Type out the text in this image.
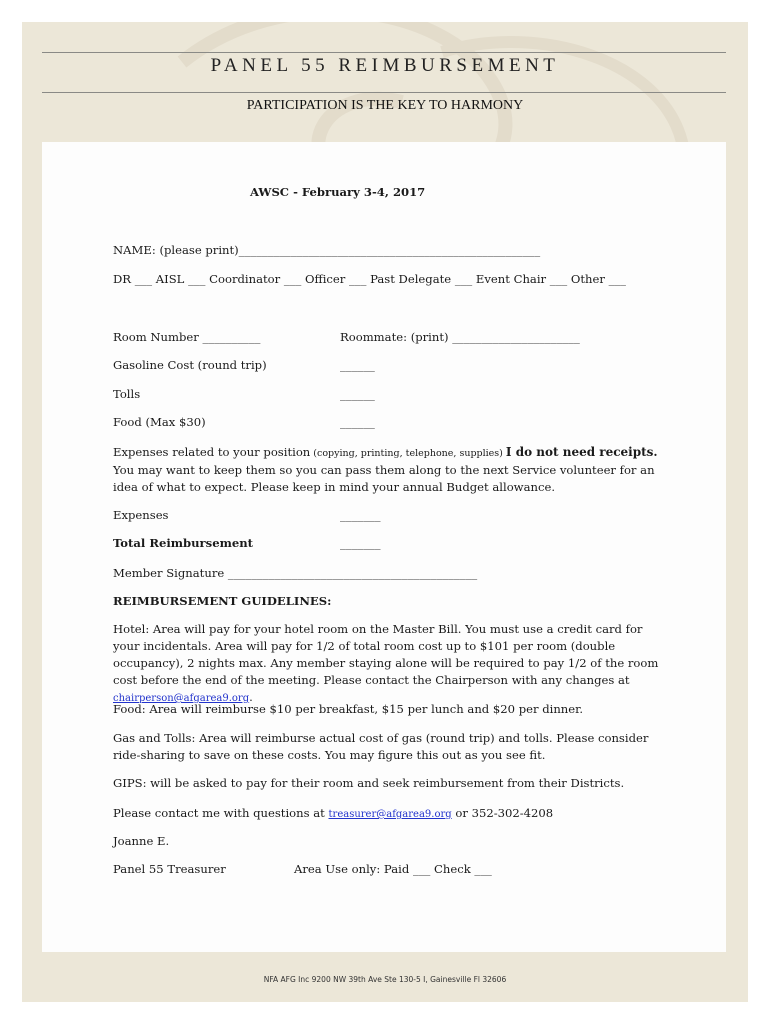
PANEL 55 REIMBURSEMENT
PARTICIPATION IS THE KEY TO HARMONY
AWSC - February 3-4, 2017
NAME: (please print)____________________________________________________
DR ___ AISL ___ Coordinator ___ Officer ___ Past Delegate ___ Event Chair ___ Other ___
Room Number __________	Roommate: (print) ______________________
Gasoline Cost (round trip)	______
Tolls	______
Food (Max $30)	______
Expenses related to your position (copying, printing, telephone, supplies) I do not need receipts. You may want to keep them so you can pass them along to the next Service volunteer for an idea of what to expect. Please keep in mind your annual Budget allowance.
Expenses	_______
Total Reimbursement	_______
Member Signature ___________________________________________
REIMBURSEMENT GUIDELINES:
Hotel: Area will pay for your hotel room on the Master Bill. You must use a credit card for your incidentals. Area will pay for 1/2 of total room cost up to $101 per room (double occupancy), 2 nights max. Any member staying alone will be required to pay 1/2 of the room cost before the end of the meeting. Please contact the Chairperson with any changes at chairperson@afgarea9.org.
Food: Area will reimburse $10 per breakfast, $15 per lunch and $20 per dinner.
Gas and Tolls: Area will reimburse actual cost of gas (round trip) and tolls. Please consider ride-sharing to save on these costs. You may figure this out as you see fit.
GIPS: will be asked to pay for their room and seek reimbursement from their Districts.
Please contact me with questions at treasurer@afgarea9.org or 352-302-4208
Joanne E.
Panel 55 Treasurer	Area Use only: Paid ___ Check ___
NFA AFG Inc 9200 NW 39th Ave Ste 130-5 I, Gainesville Fl 32606
